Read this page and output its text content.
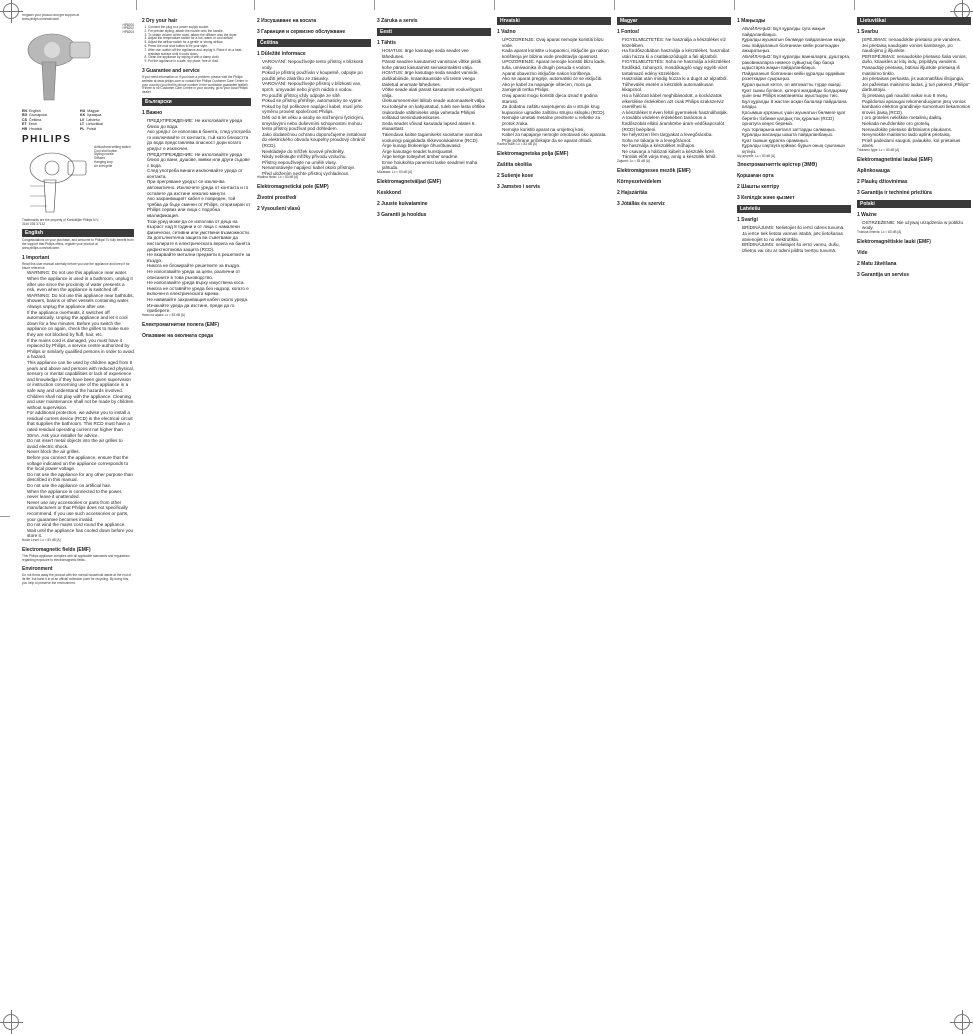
Register your product and get support at
www.philips.com/welcome
HP8200
HP8202
HP8203
EN English	HU Magyar
BG Български	KK Қазақша
CS Čeština	LV Latviešu
ET Eesti	LT Lietuviškai
HR Hrvatski	PL Polski
PHILIPS
Airflow/heat setting switch
Cool shot button
Styling nozzle
Diffuser
Hanging loop
Air inlet grille
Trademarks are the property of Koninklijke Philips N.V.
3140 035 37132
English
Congratulations on your purchase, and welcome to Philips! To fully benefit from the support that Philips offers, register your product at www.philips.com/welcome.
1 Important
Read this user manual carefully before you use the appliance and keep it for future reference.
• WARNING: Do not use this appliance near water.
• When the appliance is used in a bathroom, unplug it after use since the proximity of water presents a risk, even when the appliance is switched off.
• WARNING: Do not use this appliance near bathtubs, showers, basins or other vessels containing water.
• Always unplug the appliance after use.
• If the appliance overheats, it switches off automatically. Unplug the appliance and let it cool down for a few minutes. Before you switch the appliance on again, check the grilles to make sure they are not blocked by fluff, hair, etc.
• If the mains cord is damaged, you must have it replaced by Philips, a service centre authorized by Philips or similarly qualified persons in order to avoid a hazard.
• This appliance can be used by children aged from 8 years and above and persons with reduced physical, sensory or mental capabilities or lack of experience and knowledge if they have been given supervision or instruction concerning use of the appliance in a safe way and understand the hazards involved. Children shall not play with the appliance. Cleaning and user maintenance shall not be made by children without supervision.
• For additional protection, we advise you to install a residual current device (RCD) in the electrical circuit that supplies the bathroom. This RCD must have a rated residual operating current not higher than 30mA. Ask your installer for advice.
• Do not insert metal objects into the air grilles to avoid electric shock.
• Never block the air grilles.
• Before you connect the appliance, ensure that the voltage indicated on the appliance corresponds to the local power voltage.
• Do not use the appliance for any other purpose than described in this manual.
• Do not use the appliance on artificial hair.
• When the appliance is connected to the power, never leave it unattended.
• Never use any accessories or parts from other manufacturers or that Philips does not specifically recommend. If you use such accessories or parts, your guarantee becomes invalid.
• Do not wind the mains cord round the appliance.
• Wait until the appliance has cooled down before you store it.
Noise Level: Lc = 83 dB [A]
Electromagnetic fields (EMF)
This Philips appliance complies with all applicable standards and regulations regarding exposure to electromagnetic fields.
Environment
Do not throw away the product with the normal household waste at the end of its life, but hand it in at an official collection point for recycling. By doing this, you help to preserve the environment.
2 Dry your hair
1. Connect the plug to a power supply socket.
2. For precise styling, attach the nozzle onto the handle.
3. To obtain volume at the roots, attach the diffuser onto the dryer.
4. Adjust the temperature switch for a hot, warm or cool airflow.
5. Adjust the airflow switch for a gentle or strong airflow.
6. Press the cool shot button to fix your style.
7. After use: switch off the appliance and unplug it. Place it on a heat-resistant surface until it cools down.
8. Clean the appliance by wiping it with a damp cloth.
9. Put the appliance in a safe, dry place, free of dust.
3 Guarantee and service
If you need information or if you have a problem, please visit the Philips website at www.philips.com or contact the Philips Customer Care Centre in your country (you find its phone number in the worldwide guarantee leaflet). If there is no Customer Care Centre in your country, go to your local Philips dealer.
Български
1 Важно
• ПРЕДУПРЕЖДЕНИЕ: Не използвайте уреда близо до вода.
• Ако уредът се използва в банята, след употреба го изключвайте от контакта, тъй като близостта до вода представлява опасност дори когато уредът е изключен.
• ПРЕДУПРЕЖДЕНИЕ: Не използвайте уреда близо до вани, душове, мивки или други съдове с вода.
• След употреба винаги изключвайте уреда от контакта.
• При прегряване уредът се изключва автоматично. Изключете уреда от контакта и го оставете да изстине няколко минути.
• Ако захранващият кабел е повреден, той трябва да бъде сменен от Philips, оторизиран от Philips сервиз или лица с подобна квалификация.
• Този уред може да се използва от деца на възраст над 8 години и от лица с намалени физически, сетивни или умствени възможности.
• За допълнителна защита ви съветваме да инсталирате в електрическата верига на банята дефектнотокова защита (RCD).
• Не вкарвайте метални предмети в решетките за въздух.
• Никога не блокирайте решетките за въздух.
• Не използвайте уреда за цели, различни от описаните в това ръководство.
• Не използвайте уреда върху изкуствена коса.
• Никога не оставяйте уреда без надзор, когато е включен в електрическата мрежа.
• Не навивайте захранващия кабел около уреда.
• Изчакайте уреда да изстине, преди да го приберете.
Ниво на шума: Lc = 83 dB [A]
Електромагнитни полета (EMF)
Опазване на околната среда
2 Изсушаване на косата
3 Гаранция и сервизно обслужване
Čeština
1 Důležité informace
• VAROVÁNÍ: Nepoužívejte tento přístroj v blízkosti vody.
• Pokud je přístroj používán v koupelně, odpojte po použití jeho zástrčku ze zásuvky.
• VAROVÁNÍ: Nepoužívejte přístroj v blízkosti van, sprch, umyvadel nebo jiných nádob s vodou.
• Po použití přístroj vždy odpojte ze sítě.
• Pokud se přístroj přehřeje, automaticky se vypne.
• Pokud by byl poškozen napájecí kabel, musí jeho výměnu provést společnost Philips.
• Děti od 8 let věku a osoby se sníženými fyzickými, smyslovými nebo duševními schopnostmi mohou tento přístroj používat pod dohledem.
• Jako dodatečnou ochranu doporučujeme instalovat do elektrického obvodu koupelny proudový chránič (RCD).
• Nevkládejte do mřížek kovové předměty.
• Nikdy neblokujte mřížky přívodu vzduchu.
• Přístroj nepoužívejte na umělé vlasy.
• Nenamotávejte napájecí kabel okolo přístroje.
• Před uložením nechte přístroj vychladnout.
Hladina hluku: Lc = 83 dB [A]
Elektromagnetická pole (EMP)
Životní prostředí
2 Vysoušení vlasů
3 Záruka a servis
Eesti
1 Tähtis
• HOIATUS: ärge kasutage seda seadet vee läheduses.
• Pärast seadme kasutamist vannitoas võtke pistik kohe pärast kasutamist seinakontaktist välja.
• HOIATUS: ärge kasutage seda seadet vannide, dušikabiinide, kraanikausside või teiste veega täidetud anumate läheduses.
• Võtke seade alati pärast kasutamist vooluvõrgust välja.
• Ülekuumenemisel lülitub seade automaatselt välja.
• Kui toitejuhe on kahjustatud, tuleb see lasta ohtlike olukordade vältimiseks välja vahetada Philipsi volitatud teeninduskeskuses.
• Seda seadet võivad kasutada lapsed alates 8. eluaastast.
• Täiendava kaitse tagamiseks soovitame vannitoa vooluringi paigaldada rikkevoolukaitsme (RCD).
• Ärge kunagi blokeerige õhuvõtuavasid.
• Ärge kasutage seadet kunstjuustel.
• Ärge kerige toitejuhet ümber seadme.
• Enne hoiukohta panemist laske seadmel maha jahtuda.
Müratase: Lc = 83 dB [A]
Elektromagnetväljad (EMF)
Keskkond
2 Juuste kuivatamine
3 Garantii ja hooldus
Hrvatski
1 Važno
• UPOZORENJE: Ovaj aparat nemojte koristiti blizu vode.
• Kada aparat koristite u kupaonici, isključite ga nakon korištenja jer blizina vode predstavlja opasnost.
• UPOZORENJE: Aparat nemojte koristiti blizu kade, tuša, umivaonika ili drugih posuda s vodom.
• Aparat obavezno isključite nakon korištenja.
• Ako se aparat pregrije, automatski će se isključiti.
• Ako je kabel za napajanje oštećen, mora ga zamijeniti tvrtka Philips.
• Ovaj aparat mogu koristiti djeca iznad 8 godina starosti.
• Za dodatnu zaštitu savjetujemo da u strujni krug kupaonice ugradite zaštitnu strujnu sklopku (RCD).
• Nemojte umetati metalne predmete u rešetke za protok zraka.
• Nemojte koristiti aparat na umjetnoj kosi.
• Kabel za napajanje nemojte omotavati oko aparata.
• Prije pohrane pričekajte da se aparat ohladi.
Razina buke: Lc = 83 dB [A]
Elektromagnetska polja (EMF)
Zaštita okoliša
2 Sušenje kose
3 Jamstvo i servis
Magyar
1 Fontos!
• FIGYELMEZTETÉS: Ne használja a készüléket víz közelében.
• Ha fürdőszobában használja a készüléket, használat után húzza ki a csatlakozódugót a fali aljzatból.
• FIGYELMEZTETÉS: Soha ne használja a készüléket fürdőkád, zuhanyzó, mosdókagyló vagy egyéb vizet tartalmazó edény közelében.
• Használat után mindig húzza ki a dugót az aljzatból.
• Túlhevülés esetén a készülék automatikusan kikapcsol.
• Ha a hálózati kábel meghibásodott, a kockázatok elkerülése érdekében azt csak Philips szakszerviz cserélheti ki.
• A készüléket 8 éven felüli gyermekek használhatják.
• A további védelem érdekében tanácsos a fürdőszobát ellátó áramkörbe áram-védőkapcsolót (RCD) beépíteni.
• Ne helyezzen fém tárgyakat a levegőrácsba.
• Soha ne takarja le a levegőrácsot.
• Ne használja a készüléket műhajon.
• Ne csavarja a hálózati kábelt a készülék köré.
• Tárolás előtt várja meg, amíg a készülék lehűl.
Zajszint: Lc = 83 dB [A]
Elektromágneses mezők (EMF)
Környezetvédelem
2 Hajszárítás
3 Jótállás és szerviz
1 Маңызды
• АБАЙЛАҢЫЗ: Бұл құралды суға жақын пайдаланбаңыз.
• Құралды жуынатын бөлмеде пайдаланған кезде, оны пайдаланып болғаннан кейін розеткадан ажыратыңыз.
• АБАЙЛАҢЫЗ: Бұл құралды ванналарға, душтарға, раковиналарға немесе сұйықтық бар басқа ыдыстарға жақын пайдаланбаңыз.
• Пайдаланып болғаннан кейін құралды әрдайым розеткадан суырыңыз.
• Құрал қызып кетсе, ол автоматты түрде өшеді.
• Қуат сымы бүлінсе, қатерлі жағдайды болдырмау үшін оны Philips компаниясы ауыстыруы тиіс.
• Бұл құралды 8 жастан асқан балалар пайдалана алады.
• Қосымша қорғаныс үшін жуынатын бөлмеге қуат беретін тізбекке қалдық тоқ құралын (RCD) орнатуға кеңес береміз.
• Ауа торларына металл заттарды салмаңыз.
• Құралды жасанды шашта пайдаланбаңыз.
• Қуат сымын құралға орамаңыз.
• Құралды сақтауға қоймас бұрын оның суығанын күтіңіз.
Шу деңгейі: Lc = 83 dB [A]
Электромагниттік өрістер (ЭМӨ)
Қоршаған орта
2 Шашты кептіру
3 Кепілдік және қызмет
Latviešu
1 Svarīgi
• BRĪDINĀJUMS: Nelietojiet šo ierīci ūdens tuvumā.
• Ja ierīce tiek lietota vannas istabā, pēc lietošanas atvienojiet to no elektrotīkla.
• BRĪDINĀJUMS: nelietojiet šo ierīci vannu, dušu, izlietņu vai citu ar ūdeni pildītu tvertņu tuvumā.
Lietuviškai
1 Svarbu
• ĮSPĖJIMAS: nenaudokite prietaiso prie vandens.
• Jei prietaisą naudojate vonios kambaryje, po naudojimo jį išjunkite.
• PERSPĖJIMAS: nenaudokite prietaiso šalia vonios, dušo, kriauklės ar kitų indų, pripildytų vandens.
• Panaudoję prietaisą, būtinai išjunkite prietaisą iš maitinimo tinklo.
• Jei prietaisas perkaista, jis automatiškai išsijungia.
• Jei pažeistas maitinimo laidas, jį turi pakeisti „Philips“ darbuotojai.
• Šį prietaisą gali naudoti vaikai nuo 8 metų.
• Papildomai apsaugai rekomenduojame jūsų vonios kambario elektros grandinėje sumontuoti liekamosios srovės įtaisą (RCD).
• Į oro groteles nekiškite metalinių daiktų.
• Niekada neuždenkite oro grotelių.
• Nenaudokite prietaiso dirbtiniams plaukams.
• Nevyniokite maitinimo laido aplink prietaisą.
• Prieš padėdami saugoti, palaukite, kol prietaisas atvės.
Triukšmo lygis: Lc = 83 dB [A]
Elektromagnetiniai laukai (EMF)
Aplinkosauga
2 Plaukų džiovinimas
3 Garantija ir techninė priežiūra
Polski
1 Ważne
• OSTRZEŻENIE: Nie używaj urządzenia w pobliżu wody.
Trokšņa līmenis: Lc = 83 dB [A]
Elektromagnētiskie lauki (EMF)
Vide
2 Matu žāvēšana
3 Garantija un serviss
